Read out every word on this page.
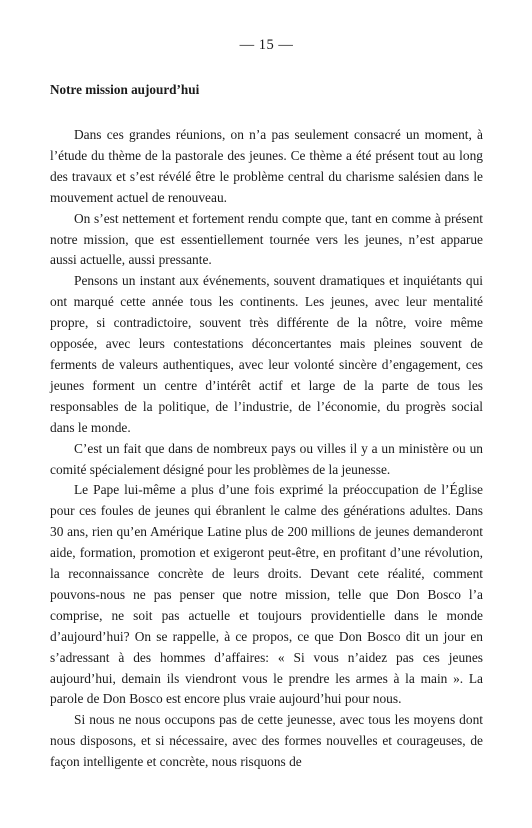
— 15 —
Notre mission aujourd’hui

Dans ces grandes réunions, on n’a pas seulement consacré un moment, à l’étude du thème de la pastorale des jeunes. Ce thème a été présent tout au long des travaux et s’est révélé être le problème central du charisme salésien dans le mouvement actuel de renouveau.

On s’est nettement et fortement rendu compte que, tant en comme à présent notre mission, que est essentiellement tournée vers les jeunes, n’est apparue aussi actuelle, aussi pressante.

Pensons un instant aux événements, souvent dramatiques et inquiétants qui ont marqué cette année tous les continents. Les jeunes, avec leur mentalité propre, si contradictoire, souvent très différente de la nôtre, voire même opposée, avec leurs contestations déconcertantes mais pleines souvent de ferments de valeurs authentiques, avec leur volonté sincère d’engagement, ces jeunes forment un centre d’intérêt actif et large de la parte de tous les responsables de la politique, de l’industrie, de l’économie, du progrès social dans le monde.

C’est un fait que dans de nombreux pays ou villes il y a un ministère ou un comité spécialement désigné pour les problèmes de la jeunesse.

Le Pape lui-même a plus d’une fois exprimé la préoccupation de l’Église pour ces foules de jeunes qui ébranlent le calme des générations adultes. Dans 30 ans, rien qu’en Amérique Latine plus de 200 millions de jeunes demanderont aide, formation, promotion et exigeront peut-être, en profitant d’une révolution, la reconnaissance concrète de leurs droits. Devant cete réalité, comment pouvons-nous ne pas penser que notre mission, telle que Don Bosco l’a comprise, ne soit pas actuelle et toujours providentielle dans le monde d’aujourd’hui? On se rappelle, à ce propos, ce que Don Bosco dit un jour en s’adressant à des hommes d’affaires: « Si vous n’aidez pas ces jeunes aujourd’hui, demain ils viendront vous le prendre les armes à la main ». La parole de Don Bosco est encore plus vraie aujourd’hui pour nous.

Si nous ne nous occupons pas de cette jeunesse, avec tous les moyens dont nous disposons, et si nécessaire, avec des formes nouvelles et courageuses, de façon intelligente et concrète, nous risquons de
